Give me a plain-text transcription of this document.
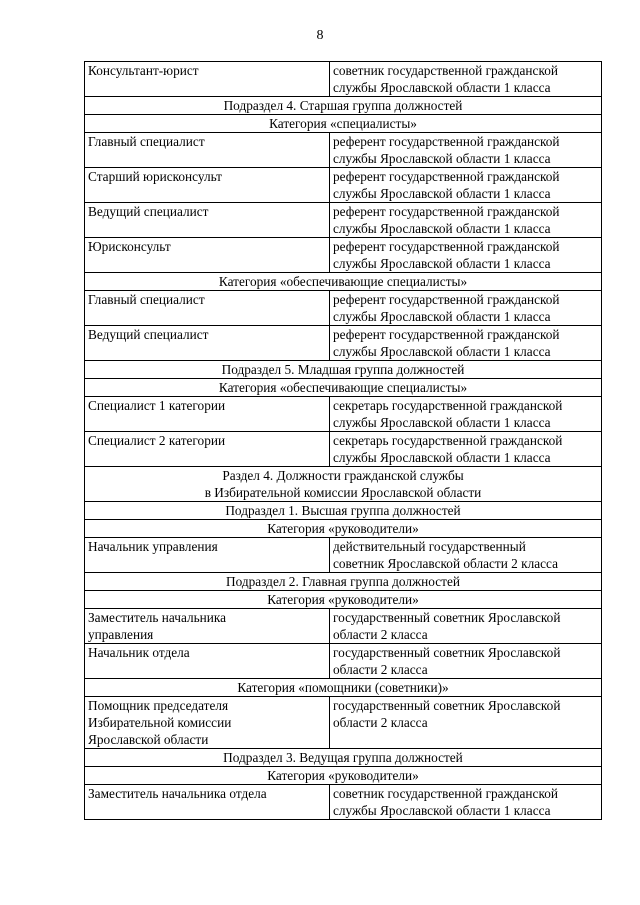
8
Консультант-юрист	советник государственной гражданской
службы Ярославской области 1 класса

Подраздел 4. Старшая группа должностей	

Категория «специалисты»	

Главный специалист	референт государственной гражданской
службы Ярославской области 1 класса

Старший юрисконсульт	референт государственной гражданской
службы Ярославской области 1 класса

Ведущий специалист	референт государственной гражданской
службы Ярославской области 1 класса

Юрисконсульт	референт государственной гражданской
службы Ярославской области 1 класса

Категория «обеспечивающие специалисты»	

Главный специалист	референт государственной гражданской
службы Ярославской области 1 класса

Ведущий специалист	референт государственной гражданской
службы Ярославской области 1 класса

Подраздел 5. Младшая группа должностей	

Категория «обеспечивающие специалисты»	

Специалист 1 категории	секретарь государственной гражданской
службы Ярославской области 1 класса

Специалист 2 категории	секретарь государственной гражданской
службы Ярославской области 1 класса

Раздел 4. Должности гражданской службы
в Избирательной комиссии Ярославской области	

Подраздел 1. Высшая группа должностей	

Категория «руководители»	

Начальник управления	действительный государственный
советник Ярославской области 2 класса

Подраздел 2. Главная группа должностей	

Категория «руководители»	

Заместитель начальника
управления	государственный советник Ярославской
области 2 класса

Начальник отдела	государственный советник Ярославской
области 2 класса

Категория «помощники (советники)»	

Помощник председателя
Избирательной комиссии
Ярославской области	государственный советник Ярославской
области 2 класса

Подраздел 3. Ведущая группа должностей	

Категория «руководители»	

Заместитель начальника отдела	советник государственной гражданской
службы Ярославской области 1 класса
